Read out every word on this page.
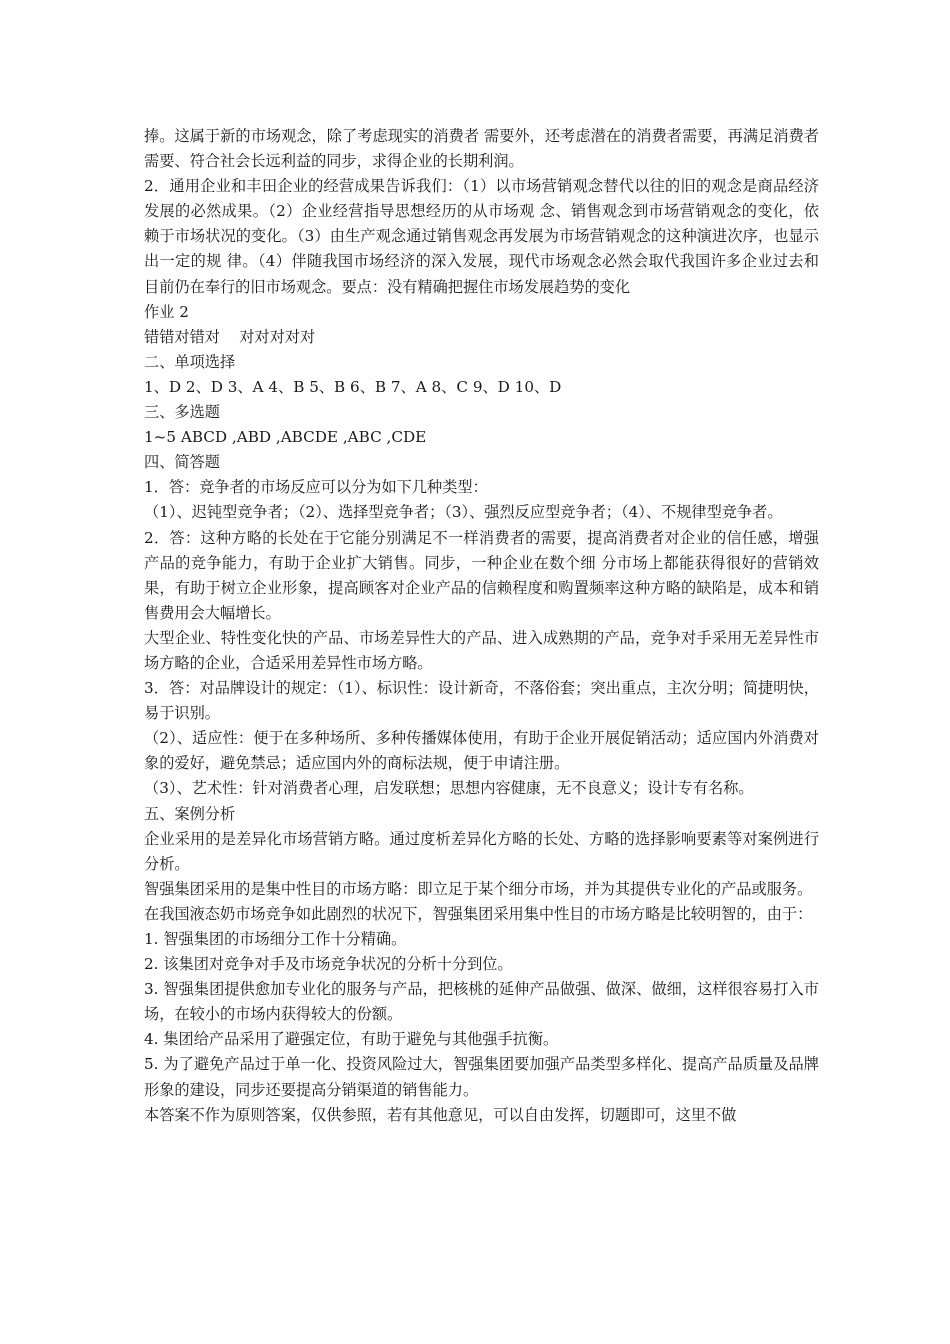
捧。这属于新的市场观念，除了考虑现实的消费者 需要外，还考虑潜在的消费者需要，再满足消费者需要、符合社会长远利益的同步，求得企业的长期利润。

2．通用企业和丰田企业的经营成果告诉我们：（1）以市场营销观念替代以往的旧的观念是商品经济发展的必然成果。（2）企业经营指导思想经历的从市场观 念、销售观念到市场营销观念的变化，依赖于市场状况的变化。（3）由生产观念通过销售观念再发展为市场营销观念的这种演进次序，也显示出一定的规 律。（4）伴随我国市场经济的深入发展，现代市场观念必然会取代我国许多企业过去和目前仍在奉行的旧市场观念。要点：没有精确把握住市场发展趋势的变化

作业 2

错错对错对    对对对对对

二、单项选择

1、D 2、D 3、A 4、B 5、B 6、B 7、A 8、C 9、D 10、D

三、多选题

1~5 ABCD ,ABD ,ABCDE ,ABC ,CDE

四、简答题

1．答：竞争者的市场反应可以分为如下几种类型：

（1）、迟钝型竞争者；（2）、选择型竞争者；（3）、强烈反应型竞争者；（4）、不规律型竞争者。

2．答：这种方略的长处在于它能分别满足不一样消费者的需要，提高消费者对企业的信任感，增强产品的竞争能力，有助于企业扩大销售。同步，一种企业在数个细 分市场上都能获得很好的营销效果，有助于树立企业形象，提高顾客对企业产品的信赖程度和购置频率这种方略的缺陷是，成本和销售费用会大幅增长。

大型企业、特性变化快的产品、市场差异性大的产品、进入成熟期的产品，竞争对手采用无差异性市场方略的企业，合适采用差异性市场方略。

3．答：对品牌设计的规定：（1）、标识性：设计新奇，不落俗套；突出重点，主次分明；简捷明快，易于识别。

（2）、适应性：便于在多种场所、多种传播媒体使用，有助于企业开展促销活动；适应国内外消费对象的爱好，避免禁忌；适应国内外的商标法规，便于申请注册。

（3）、艺术性：针对消费者心理，启发联想；思想内容健康，无不良意义；设计专有名称。

五、案例分析

企业采用的是差异化市场营销方略。通过度析差异化方略的长处、方略的选择影响要素等对案例进行分析。

智强集团采用的是集中性目的市场方略：即立足于某个细分市场，并为其提供专业化的产品或服务。

在我国液态奶市场竞争如此剧烈的状况下，智强集团采用集中性目的市场方略是比较明智的，由于：

1. 智强集团的市场细分工作十分精确。

2. 该集团对竞争对手及市场竞争状况的分析十分到位。

3. 智强集团提供愈加专业化的服务与产品，把核桃的延伸产品做强、做深、做细，这样很容易打入市场，在较小的市场内获得较大的份额。

4. 集团给产品采用了避强定位，有助于避免与其他强手抗衡。

5. 为了避免产品过于单一化、投资风险过大，智强集团要加强产品类型多样化、提高产品质量及品牌形象的建设，同步还要提高分销渠道的销售能力。

本答案不作为原则答案，仅供参照，若有其他意见，可以自由发挥，切题即可，这里不做
